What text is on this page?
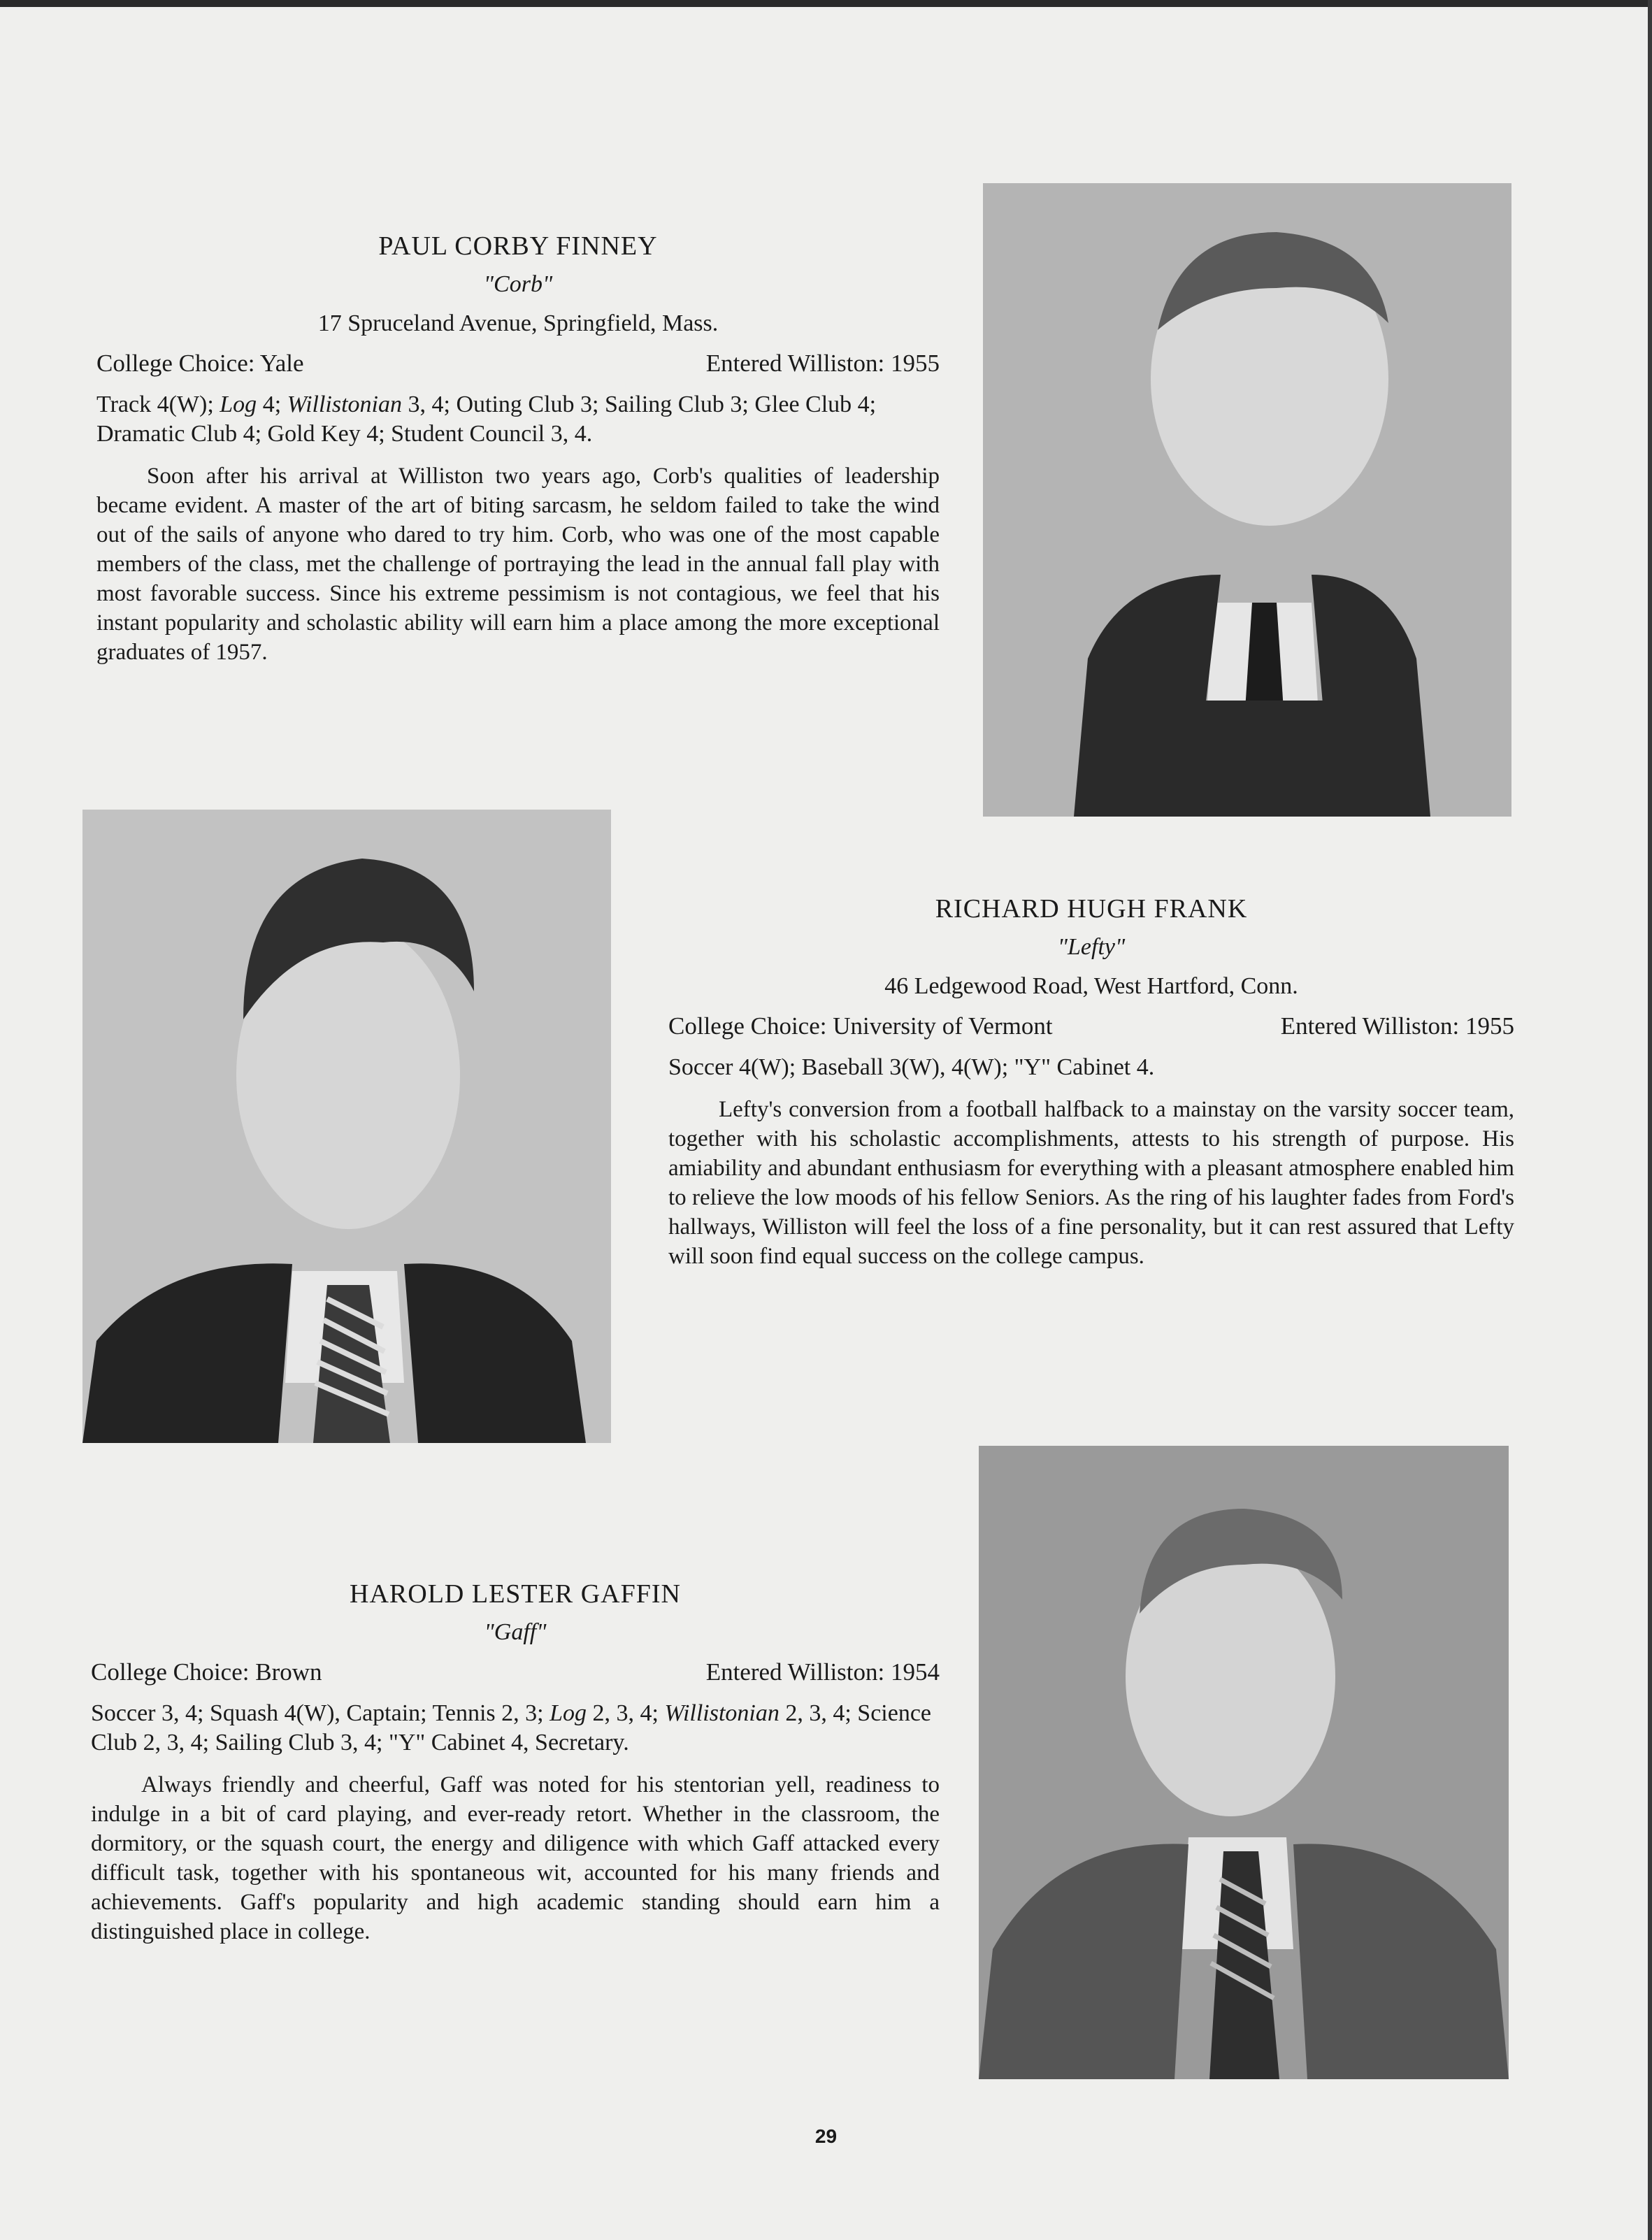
PAUL CORBY FINNEY

"Corb"

17 Spruceland Avenue, Springfield, Mass.

College Choice: Yale	Entered Williston: 1955

Track 4(W); Log 4; Willistonian 3, 4; Outing Club 3; Sailing Club 3; Glee Club 4; Dramatic Club 4; Gold Key 4; Student Council 3, 4.

Soon after his arrival at Williston two years ago, Corb's qualities of leadership became evident. A master of the art of biting sarcasm, he seldom failed to take the wind out of the sails of anyone who dared to try him. Corb, who was one of the most capable members of the class, met the challenge of portraying the lead in the annual fall play with most favorable success. Since his extreme pessimism is not contagious, we feel that his instant popularity and scholastic ability will earn him a place among the more exceptional graduates of 1957.

RICHARD HUGH FRANK

"Lefty"

46 Ledgewood Road, West Hartford, Conn.

College Choice: University of Vermont	Entered Williston: 1955

Soccer 4(W); Baseball 3(W), 4(W); "Y" Cabinet 4.

Lefty's conversion from a football halfback to a mainstay on the varsity soccer team, together with his scholastic accomplishments, attests to his strength of purpose. His amiability and abundant enthusiasm for everything with a pleasant atmosphere enabled him to relieve the low moods of his fellow Seniors. As the ring of his laughter fades from Ford's hallways, Williston will feel the loss of a fine personality, but it can rest assured that Lefty will soon find equal success on the college campus.

HAROLD LESTER GAFFIN

"Gaff"

College Choice: Brown	Entered Williston: 1954

Soccer 3, 4; Squash 4(W), Captain; Tennis 2, 3; Log 2, 3, 4; Willistonian 2, 3, 4; Science Club 2, 3, 4; Sailing Club 3, 4; "Y" Cabinet 4, Secretary.

Always friendly and cheerful, Gaff was noted for his stentorian yell, readiness to indulge in a bit of card playing, and ever-ready retort. Whether in the classroom, the dormitory, or the squash court, the energy and diligence with which Gaff attacked every difficult task, together with his spontaneous wit, accounted for his many friends and achievements. Gaff's popularity and high academic standing should earn him a distinguished place in college.

29
